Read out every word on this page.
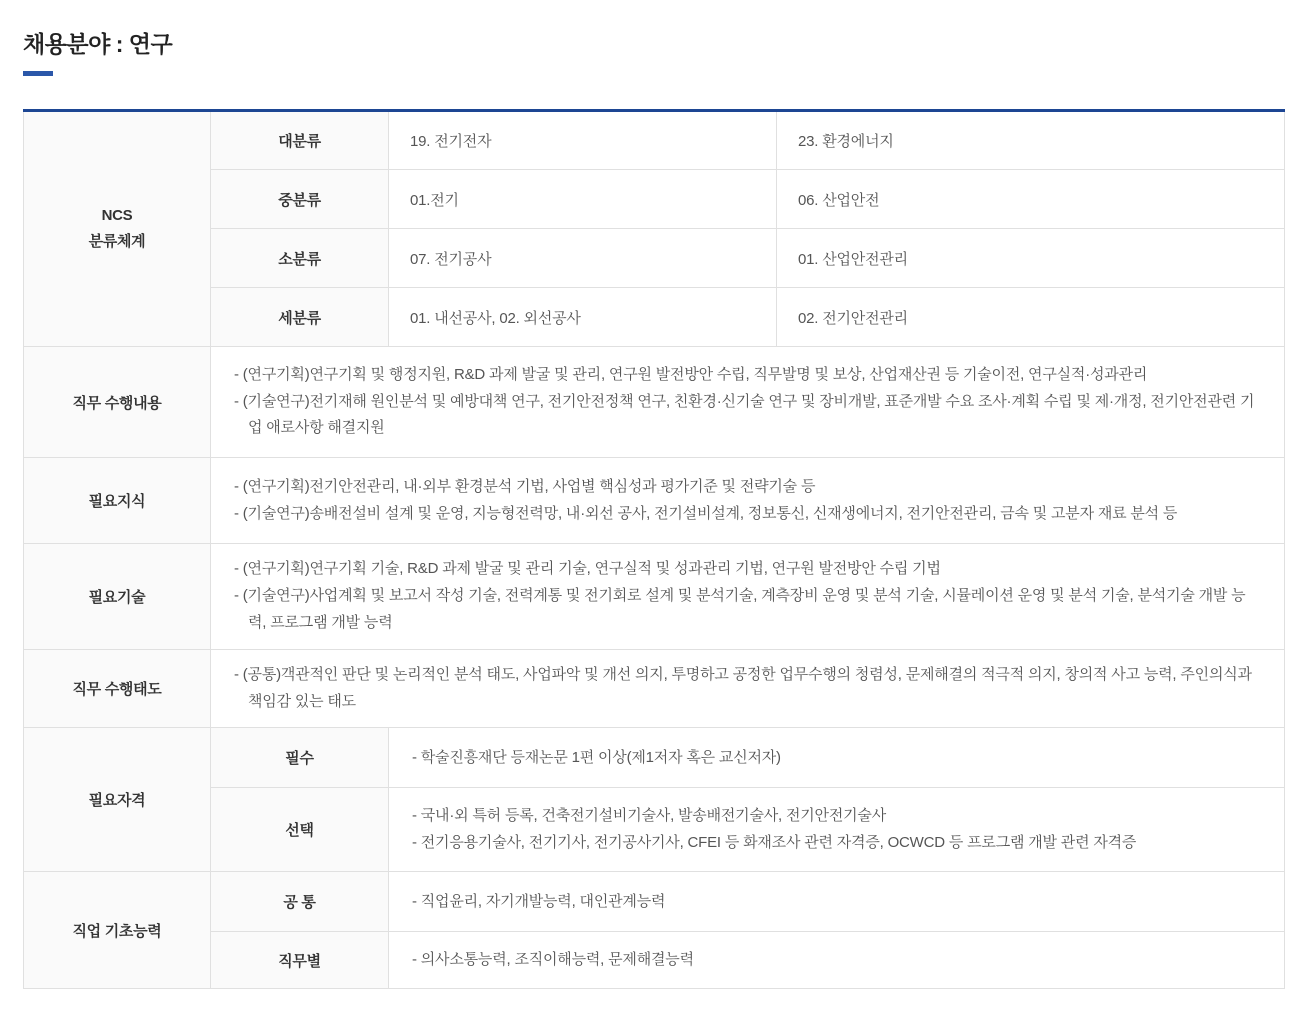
채용분야 : 연구
NCS
분류체계	대분류	19. 전기전자	23. 환경에너지
	중분류	01.전기	06. 산업안전
	소분류	07. 전기공사	01. 산업안전관리
	세분류	01. 내선공사, 02. 외선공사	02. 전기안전관리
직무 수행내용	- (연구기획)연구기획 및 행정지원, R&D 과제 발굴 및 관리, 연구원 발전방안 수립, 직무발명 및 보상, 산업재산권 등 기술이전, 연구실적·성과관리
- (기술연구)전기재해 원인분석 및 예방대책 연구, 전기안전정책 연구, 친환경·신기술 연구 및 장비개발, 표준개발 수요 조사·계획 수립 및 제·개정, 전기안전관련 기업 애로사항 해결지원		

필요지식	- (연구기획)전기안전관리, 내·외부 환경분석 기법, 사업별 핵심성과 평가기준 및 전략기술 등
- (기술연구)송배전설비 설계 및 운영, 지능형전력망, 내·외선 공사, 전기설비설계, 정보통신, 신재생에너지, 전기안전관리, 금속 및 고분자 재료 분석 등		

필요기술	- (연구기획)연구기획 기술, R&D 과제 발굴 및 관리 기술, 연구실적 및 성과관리 기법, 연구원 발전방안 수립 기법
- (기술연구)사업계획 및 보고서 작성 기술, 전력계통 및 전기회로 설계 및 분석기술, 계측장비 운영 및 분석 기술, 시뮬레이션 운영 및 분석 기술, 분석기술 개발 능력, 프로그램 개발 능력		

직무 수행태도	- (공통)객관적인 판단 및 논리적인 분석 태도, 사업파악 및 개선 의지, 투명하고 공정한 업무수행의 청렴성, 문제해결의 적극적 의지, 창의적 사고 능력, 주인의식과 책임감 있는 태도		

필요자격	필수	- 학술진흥재단 등재논문 1편 이상(제1저자 혹은 교신저자)	

	선택	- 국내·외 특허 등록, 건축전기설비기술사, 발송배전기술사, 전기안전기술사
- 전기응용기술사, 전기기사, 전기공사기사, CFEI 등 화재조사 관련 자격증, OCWCD 등 프로그램 개발 관련 자격증	

직업 기초능력	공 통	- 직업윤리, 자기개발능력, 대인관계능력	

	직무별	- 의사소통능력, 조직이해능력, 문제해결능력	
